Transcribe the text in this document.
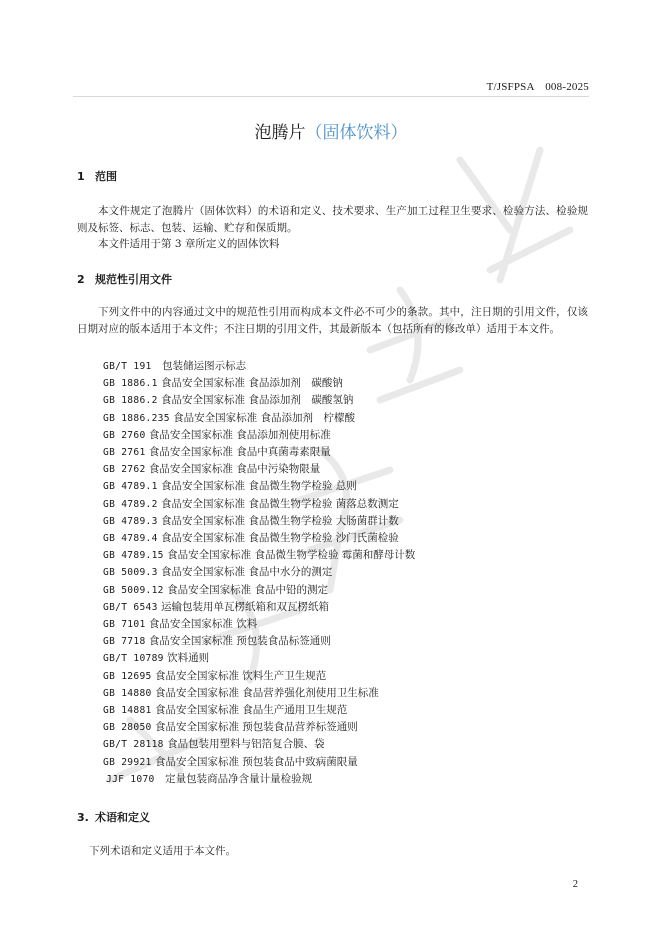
T/JSFPSA　008-2025
泡腾片（固体饮料）
1 范围
本文件规定了泡腾片（固体饮料）的术语和定义、技术要求、生产加工过程卫生要求、检验方法、检验规则及标签、标志、包装、运输、贮存和保质期。
本文件适用于第 3 章所定义的固体饮料
2 规范性引用文件
下列文件中的内容通过文中的规范性引用而构成本文件必不可少的条款。其中，注日期的引用文件，仅该日期对应的版本适用于本文件；不注日期的引用文件，其最新版本（包括所有的修改单）适用于本文件。
GB/T 191　包装储运图示标志
GB 1886.1 食品安全国家标准 食品添加剂　碳酸钠
GB 1886.2 食品安全国家标准 食品添加剂　碳酸氢钠
GB 1886.235 食品安全国家标准 食品添加剂　柠檬酸
GB 2760 食品安全国家标准 食品添加剂使用标准
GB 2761 食品安全国家标准 食品中真菌毒素限量
GB 2762 食品安全国家标准 食品中污染物限量
GB 4789.1 食品安全国家标准 食品微生物学检验 总则
GB 4789.2 食品安全国家标准 食品微生物学检验 菌落总数测定
GB 4789.3 食品安全国家标准 食品微生物学检验 大肠菌群计数
GB 4789.4 食品安全国家标准 食品微生物学检验 沙门氏菌检验
GB 4789.15 食品安全国家标准 食品微生物学检验 霉菌和酵母计数
GB 5009.3 食品安全国家标准 食品中水分的测定
GB 5009.12 食品安全国家标准 食品中铅的测定
GB/T 6543 运输包装用单瓦楞纸箱和双瓦楞纸箱
GB 7101 食品安全国家标准 饮料
GB 7718 食品安全国家标准 预包装食品标签通则
GB/T 10789 饮料通则
GB 12695 食品安全国家标准 饮料生产卫生规范
GB 14880 食品安全国家标准 食品营养强化剂使用卫生标准
GB 14881 食品安全国家标准 食品生产通用卫生规范
GB 28050 食品安全国家标准 预包装食品营养标签通则
GB/T 28118 食品包装用塑料与铝箔复合膜、袋
GB 29921 食品安全国家标准 预包装食品中致病菌限量
JJF 1070　定量包装商品净含量计量检验规
3. 术语和定义
下列术语和定义适用于本文件。
2
